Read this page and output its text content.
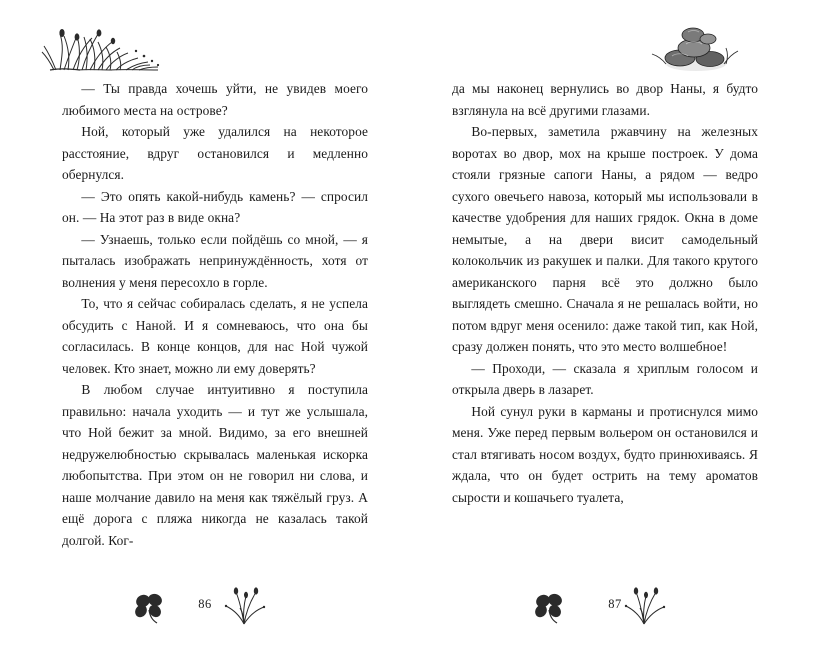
— Ты правда хочешь уйти, не увидев моего любимого места на острове?

Ной, который уже удалился на некоторое расстояние, вдруг остановился и медленно обернулся.

— Это опять какой-нибудь камень? — спросил он. — На этот раз в виде окна?

— Узнаешь, только если пойдёшь со мной, — я пыталась изображать непринуждённость, хотя от волнения у меня пересохло в горле.

То, что я сейчас собиралась сделать, я не успела обсудить с Наной. И я сомневаюсь, что она бы согласилась. В конце концов, для нас Ной чужой человек. Кто знает, можно ли ему доверять?

В любом случае интуитивно я поступила правильно: начала уходить — и тут же услышала, что Ной бежит за мной. Видимо, за его внешней недружелюбностью скрывалась маленькая искорка любопытства. При этом он не говорил ни слова, и наше молчание давило на меня как тяжёлый груз. А ещё дорога с пляжа никогда не казалась такой долгой. Ког-

86

да мы наконец вернулись во двор Наны, я будто взглянула на всё другими глазами.

Во-первых, заметила ржавчину на железных воротах во двор, мох на крыше построек. У дома стояли грязные сапоги Наны, а рядом — ведро сухого овечьего навоза, который мы использовали в качестве удобрения для наших грядок. Окна в доме немытые, а на двери висит самодельный колокольчик из ракушек и палки. Для такого крутого американского парня всё это должно было выглядеть смешно. Сначала я не решалась войти, но потом вдруг меня осенило: даже такой тип, как Ной, сразу должен понять, что это место волшебное!

— Проходи, — сказала я хриплым голосом и открыла дверь в лазарет.

Ной сунул руки в карманы и протиснулся мимо меня. Уже перед первым вольером он остановился и стал втягивать носом воздух, будто принюхиваясь. Я ждала, что он будет острить на тему ароматов сырости и кошачьего туалета,

87
